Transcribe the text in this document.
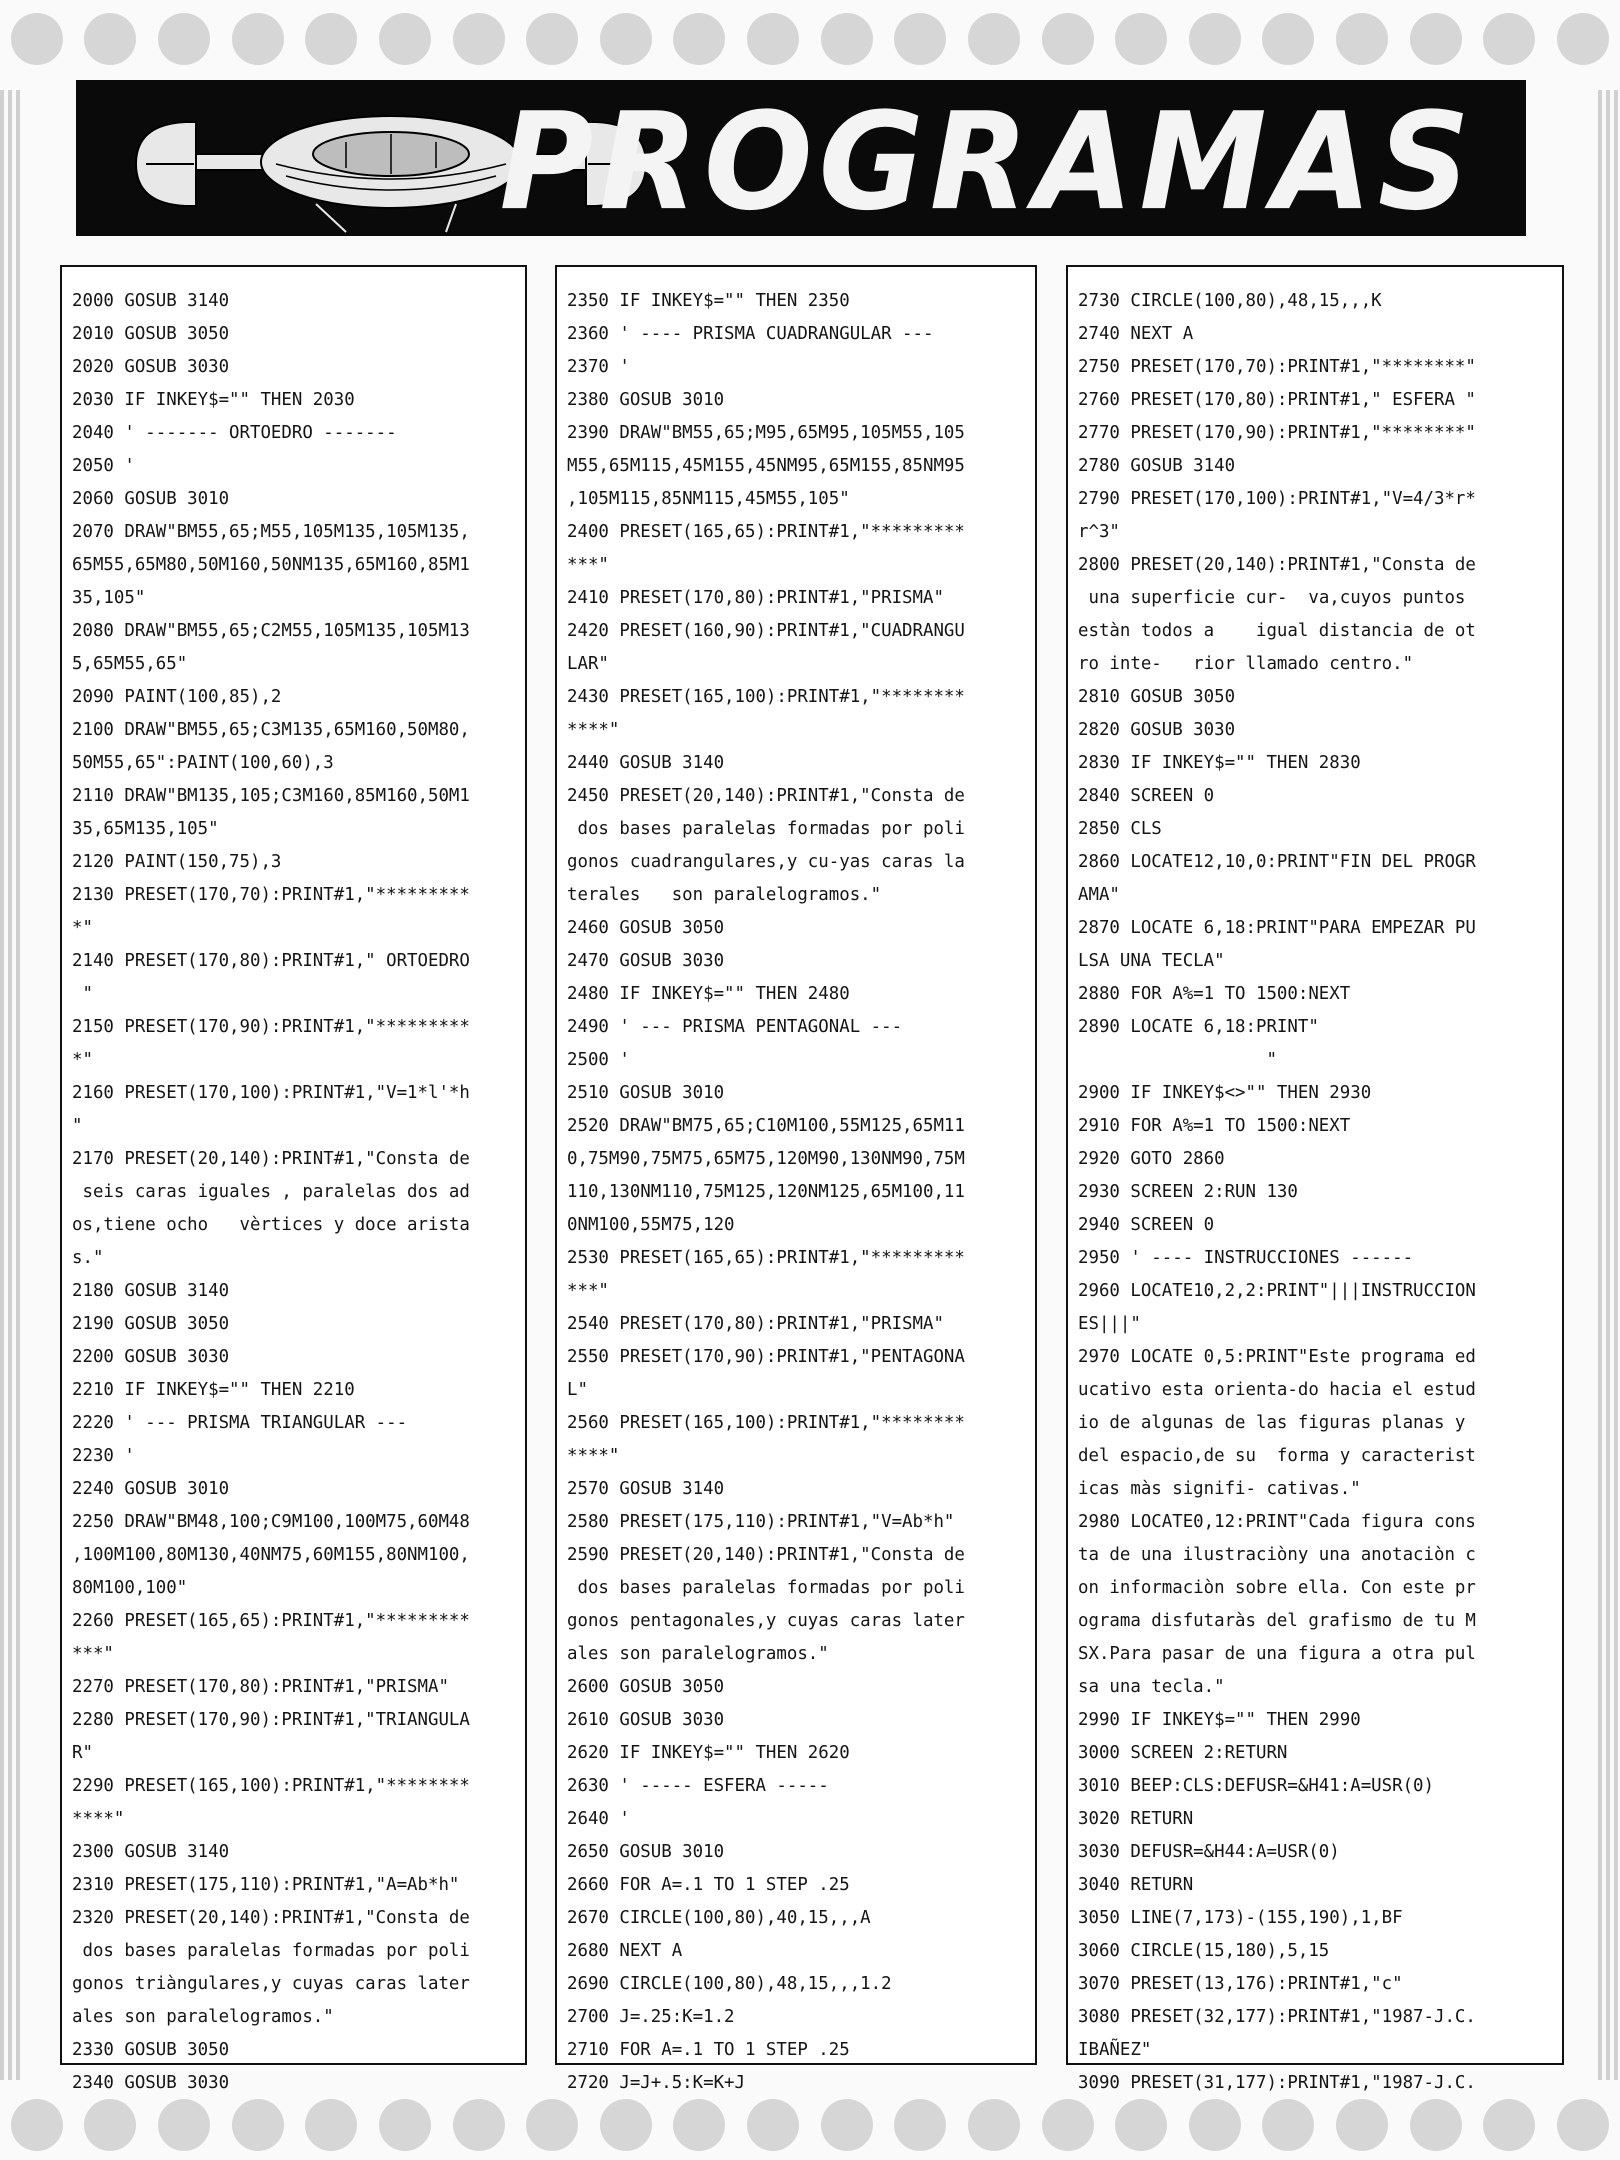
PROGRAMAS

2000 GOSUB 3140

2010 GOSUB 3050

2020 GOSUB 3030

2030 IF INKEY$="" THEN 2030

2040 ' ------- ORTOEDRO -------

2050 '

2060 GOSUB 3010

2070 DRAW"BM55,65;M55,105M135,105M135,

65M55,65M80,50M160,50NM135,65M160,85M1

35,105"

2080 DRAW"BM55,65;C2M55,105M135,105M13

5,65M55,65"

2090 PAINT(100,85),2

2100 DRAW"BM55,65;C3M135,65M160,50M80,

50M55,65":PAINT(100,60),3

2110 DRAW"BM135,105;C3M160,85M160,50M1

35,65M135,105"

2120 PAINT(150,75),3

2130 PRESET(170,70):PRINT#1,"*********

*"

2140 PRESET(170,80):PRINT#1," ORTOEDRO

"

2150 PRESET(170,90):PRINT#1,"*********

*"

2160 PRESET(170,100):PRINT#1,"V=1*l'*h

"

2170 PRESET(20,140):PRINT#1,"Consta de

seis caras iguales , paralelas dos ad

os,tiene ocho   vèrtices y doce arista

s."

2180 GOSUB 3140

2190 GOSUB 3050

2200 GOSUB 3030

2210 IF INKEY$="" THEN 2210

2220 ' --- PRISMA TRIANGULAR ---

2230 '

2240 GOSUB 3010

2250 DRAW"BM48,100;C9M100,100M75,60M48

,100M100,80M130,40NM75,60M155,80NM100,

80M100,100"

2260 PRESET(165,65):PRINT#1,"*********

***"

2270 PRESET(170,80):PRINT#1,"PRISMA"

2280 PRESET(170,90):PRINT#1,"TRIANGULA

R"

2290 PRESET(165,100):PRINT#1,"********

****"

2300 GOSUB 3140

2310 PRESET(175,110):PRINT#1,"A=Ab*h"

2320 PRESET(20,140):PRINT#1,"Consta de

dos bases paralelas formadas por poli

gonos triàngulares,y cuyas caras later

ales son paralelogramos."

2330 GOSUB 3050

2340 GOSUB 3030

2350 IF INKEY$="" THEN 2350

2360 ' ---- PRISMA CUADRANGULAR ---

2370 '

2380 GOSUB 3010

2390 DRAW"BM55,65;M95,65M95,105M55,105

M55,65M115,45M155,45NM95,65M155,85NM95

,105M115,85NM115,45M55,105"

2400 PRESET(165,65):PRINT#1,"*********

***"

2410 PRESET(170,80):PRINT#1,"PRISMA"

2420 PRESET(160,90):PRINT#1,"CUADRANGU

LAR"

2430 PRESET(165,100):PRINT#1,"********

****"

2440 GOSUB 3140

2450 PRESET(20,140):PRINT#1,"Consta de

dos bases paralelas formadas por poli

gonos cuadrangulares,y cu-yas caras la

terales   son paralelogramos."

2460 GOSUB 3050

2470 GOSUB 3030

2480 IF INKEY$="" THEN 2480

2490 ' --- PRISMA PENTAGONAL ---

2500 '

2510 GOSUB 3010

2520 DRAW"BM75,65;C10M100,55M125,65M11

0,75M90,75M75,65M75,120M90,130NM90,75M

110,130NM110,75M125,120NM125,65M100,11

0NM100,55M75,120

2530 PRESET(165,65):PRINT#1,"*********

***"

2540 PRESET(170,80):PRINT#1,"PRISMA"

2550 PRESET(170,90):PRINT#1,"PENTAGONA

L"

2560 PRESET(165,100):PRINT#1,"********

****"

2570 GOSUB 3140

2580 PRESET(175,110):PRINT#1,"V=Ab*h"

2590 PRESET(20,140):PRINT#1,"Consta de

dos bases paralelas formadas por poli

gonos pentagonales,y cuyas caras later

ales son paralelogramos."

2600 GOSUB 3050

2610 GOSUB 3030

2620 IF INKEY$="" THEN 2620

2630 ' ----- ESFERA -----

2640 '

2650 GOSUB 3010

2660 FOR A=.1 TO 1 STEP .25

2670 CIRCLE(100,80),40,15,,,A

2680 NEXT A

2690 CIRCLE(100,80),48,15,,,1.2

2700 J=.25:K=1.2

2710 FOR A=.1 TO 1 STEP .25

2720 J=J+.5:K=K+J

2730 CIRCLE(100,80),48,15,,,K

2740 NEXT A

2750 PRESET(170,70):PRINT#1,"********"

2760 PRESET(170,80):PRINT#1," ESFERA "

2770 PRESET(170,90):PRINT#1,"********"

2780 GOSUB 3140

2790 PRESET(170,100):PRINT#1,"V=4/3*r*

r^3"

2800 PRESET(20,140):PRINT#1,"Consta de

una superficie cur-  va,cuyos puntos

estàn todos a    igual distancia de ot

ro inte-   rior llamado centro."

2810 GOSUB 3050

2820 GOSUB 3030

2830 IF INKEY$="" THEN 2830

2840 SCREEN 0

2850 CLS

2860 LOCATE12,10,0:PRINT"FIN DEL PROGR

AMA"

2870 LOCATE 6,18:PRINT"PARA EMPEZAR PU

LSA UNA TECLA"

2880 FOR A%=1 TO 1500:NEXT

2890 LOCATE 6,18:PRINT"

"

2900 IF INKEY$<>"" THEN 2930

2910 FOR A%=1 TO 1500:NEXT

2920 GOTO 2860

2930 SCREEN 2:RUN 130

2940 SCREEN 0

2950 ' ---- INSTRUCCIONES ------

2960 LOCATE10,2,2:PRINT"|||INSTRUCCION

ES|||"

2970 LOCATE 0,5:PRINT"Este programa ed

ucativo esta orienta-do hacia el estud

io de algunas de las figuras planas y

del espacio,de su  forma y caracterist

icas màs signifi- cativas."

2980 LOCATE0,12:PRINT"Cada figura cons

ta de una ilustraciòny una anotaciòn c

on informaciòn sobre ella. Con este pr

ograma disfutaràs del grafismo de tu M

SX.Para pasar de una figura a otra pul

sa una tecla."

2990 IF INKEY$="" THEN 2990

3000 SCREEN 2:RETURN

3010 BEEP:CLS:DEFUSR=&H41:A=USR(0)

3020 RETURN

3030 DEFUSR=&H44:A=USR(0)

3040 RETURN

3050 LINE(7,173)-(155,190),1,BF

3060 CIRCLE(15,180),5,15

3070 PRESET(13,176):PRINT#1,"c"

3080 PRESET(32,177):PRINT#1,"1987-J.C.

IBAÑEZ"

3090 PRESET(31,177):PRINT#1,"1987-J.C.
